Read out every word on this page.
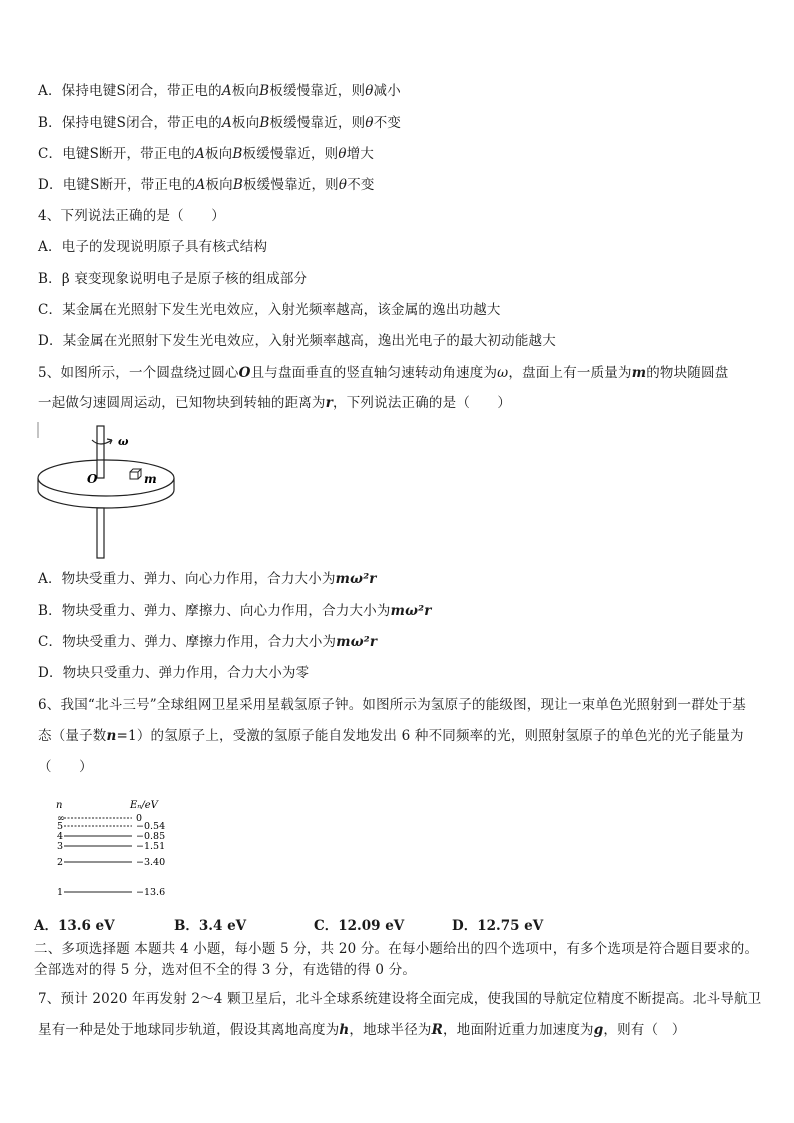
A．保持电键S闭合，带正电的A板向B板缓慢靠近，则θ减小
B．保持电键S闭合，带正电的A板向B板缓慢靠近，则θ不变
C．电键S断开，带正电的A板向B板缓慢靠近，则θ增大
D．电键S断开，带正电的A板向B板缓慢靠近，则θ不变
4、下列说法正确的是（　　）
A．电子的发现说明原子具有核式结构
B．β 衰变现象说明电子是原子核的组成部分
C．某金属在光照射下发生光电效应，入射光频率越高，该金属的逸出功越大
D．某金属在光照射下发生光电效应，入射光频率越高，逸出光电子的最大初动能越大
5、如图所示，一个圆盘绕过圆心O且与盘面垂直的竖直轴匀速转动角速度为ω，盘面上有一质量为m的物块随圆盘
一起做匀速圆周运动，已知物块到转轴的距离为r，下列说法正确的是（　　）
ω
O	m
A．物块受重力、弹力、向心力作用，合力大小为mω²r
B．物块受重力、弹力、摩擦力、向心力作用，合力大小为mω²r
C．物块受重力、弹力、摩擦力作用，合力大小为mω²r
D．物块只受重力、弹力作用，合力大小为零
6、我国“北斗三号”全球组网卫星采用星载氢原子钟。如图所示为氢原子的能级图，现让一束单色光照射到一群处于基
态（量子数n=1）的氢原子上，受激的氢原子能自发地发出 6 种不同频率的光，则照射氢原子的单色光的光子能量为
（　　）
n	Eₙ/eV
∞	0
5	−0.54
4	−0.85
3	−1.51
2	−3.40
1	−13.6
A．13.6 eV	B．3.4 eV	C．12.09 eV	D．12.75 eV
二、多项选择题 本题共 4 小题，每小题 5 分，共 20 分。在每小题给出的四个选项中，有多个选项是符合题目要求的。
全部选对的得 5 分，选对但不全的得 3 分，有选错的得 0 分。
7、预计 2020 年再发射 2～4 颗卫星后，北斗全球系统建设将全面完成，使我国的导航定位精度不断提高。北斗导航卫
星有一种是处于地球同步轨道，假设其离地高度为h，地球半径为R，地面附近重力加速度为g，则有（　）
